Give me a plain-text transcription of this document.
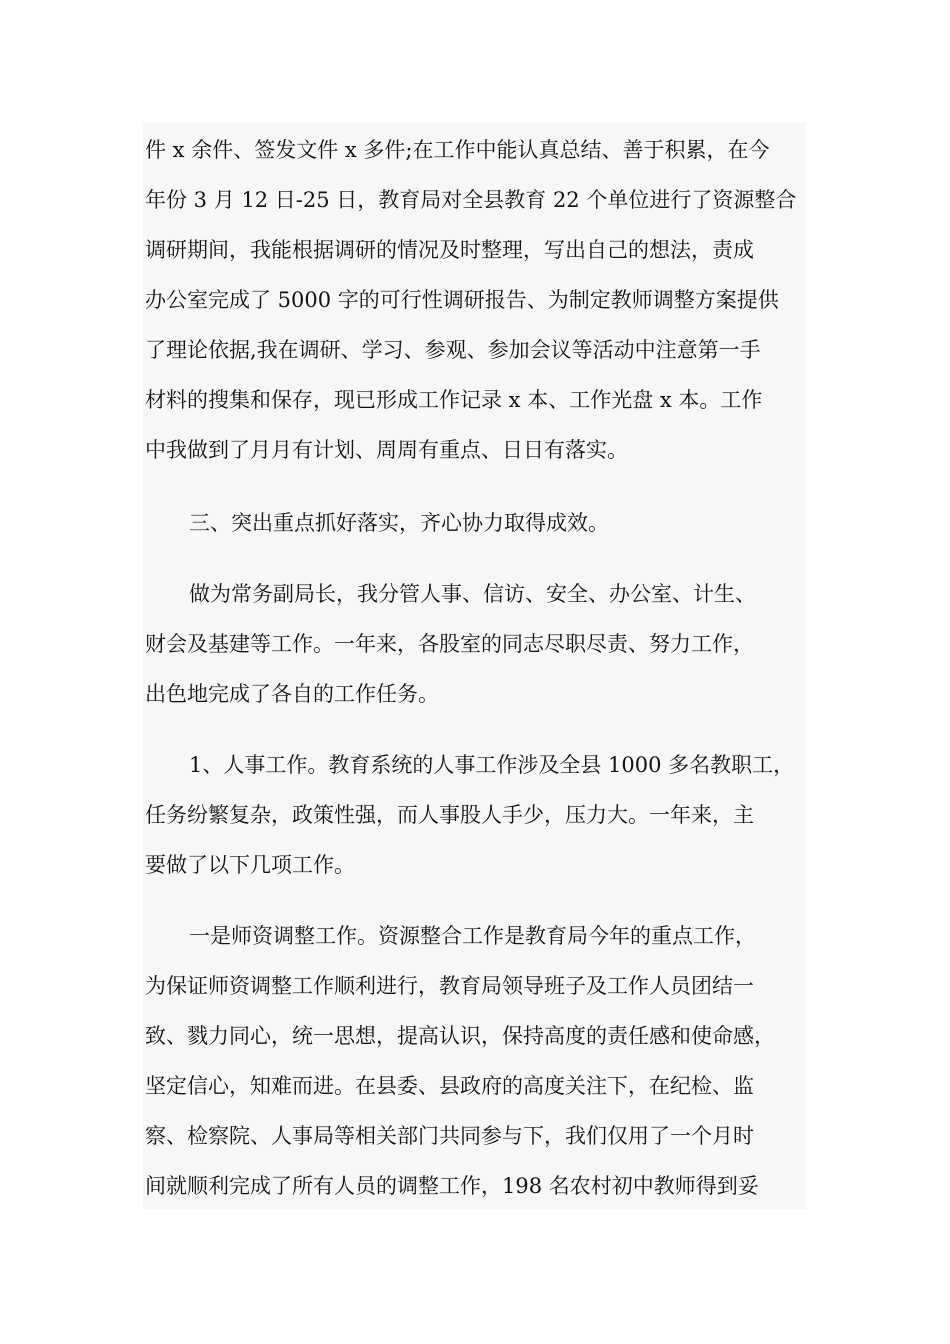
件 x 余件、签发文件 x 多件;在工作中能认真总结、善于积累，在今
年份 3 月 12 日-25 日，教育局对全县教育 22 个单位进行了资源整合
调研期间，我能根据调研的情况及时整理，写出自己的想法，责成
办公室完成了 5000 字的可行性调研报告、为制定教师调整方案提供
了理论依据,我在调研、学习、参观、参加会议等活动中注意第一手
材料的搜集和保存，现已形成工作记录 x 本、工作光盘 x 本。工作
中我做到了月月有计划、周周有重点、日日有落实。
三、突出重点抓好落实，齐心协力取得成效。
做为常务副局长，我分管人事、信访、安全、办公室、计生、
财会及基建等工作。一年来，各股室的同志尽职尽责、努力工作，
出色地完成了各自的工作任务。
1、人事工作。教育系统的人事工作涉及全县 1000 多名教职工，
任务纷繁复杂，政策性强，而人事股人手少，压力大。一年来，主
要做了以下几项工作。
一是师资调整工作。资源整合工作是教育局今年的重点工作，
为保证师资调整工作顺利进行，教育局领导班子及工作人员团结一
致、戮力同心，统一思想，提高认识，保持高度的责任感和使命感，
坚定信心，知难而进。在县委、县政府的高度关注下，在纪检、监
察、检察院、人事局等相关部门共同参与下，我们仅用了一个月时
间就顺利完成了所有人员的调整工作，198 名农村初中教师得到妥
